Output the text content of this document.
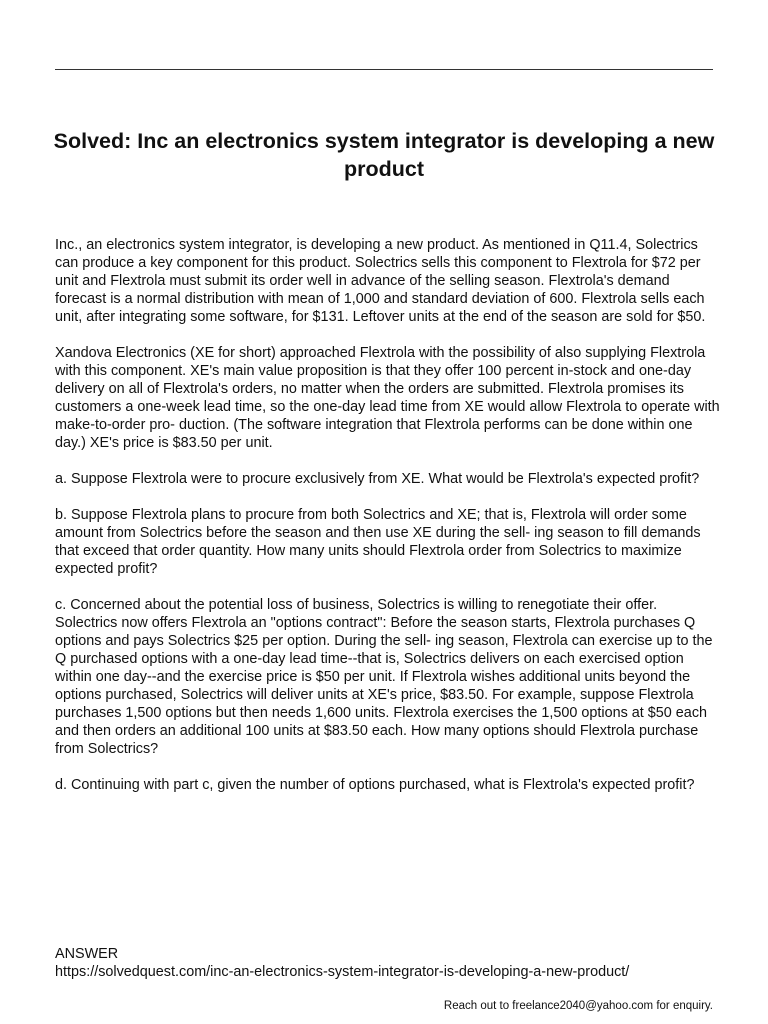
Solved: Inc an electronics system integrator is developing a new product

Inc., an electronics system integrator, is developing a new product. As mentioned in Q11.4, Solectrics can produce a key component for this product. Solectrics sells this component to Flextrola for $72 per unit and Flextrola must submit its order well in advance of the selling season. Flextrola's demand forecast is a normal distribution with mean of 1,000 and standard deviation of 600. Flextrola sells each unit, after integrating some software, for $131. Leftover units at the end of the season are sold for $50.

Xandova Electronics (XE for short) approached Flextrola with the possibility of also supplying Flextrola with this component. XE's main value proposition is that they offer 100 percent in-stock and one-day delivery on all of Flextrola's orders, no matter when the orders are submitted. Flextrola promises its customers a one-week lead time, so the one-day lead time from XE would allow Flextrola to operate with make-to-order pro- duction. (The software integration that Flextrola performs can be done within one day.) XE's price is $83.50 per unit.

a. Suppose Flextrola were to procure exclusively from XE. What would be Flextrola's expected profit?

b. Suppose Flextrola plans to procure from both Solectrics and XE; that is, Flextrola will order some amount from Solectrics before the season and then use XE during the sell- ing season to fill demands that exceed that order quantity. How many units should Flextrola order from Solectrics to maximize expected profit?

c. Concerned about the potential loss of business, Solectrics is willing to renegotiate their offer. Solectrics now offers Flextrola an "options contract": Before the season starts, Flextrola purchases Q options and pays Solectrics $25 per option. During the sell- ing season, Flextrola can exercise up to the Q purchased options with a one-day lead time--that is, Solectrics delivers on each exercised option within one day--and the exercise price is $50 per unit. If Flextrola wishes additional units beyond the options purchased, Solectrics will deliver units at XE's price, $83.50. For example, suppose Flextrola purchases 1,500 options but then needs 1,600 units. Flextrola exercises the 1,500 options at $50 each and then orders an additional 100 units at $83.50 each. How many options should Flextrola purchase from Solectrics?

d. Continuing with part c, given the number of options purchased, what is Flextrola's expected profit?

ANSWER
https://solvedquest.com/inc-an-electronics-system-integrator-is-developing-a-new-product/
Reach out to freelance2040@yahoo.com for enquiry.
